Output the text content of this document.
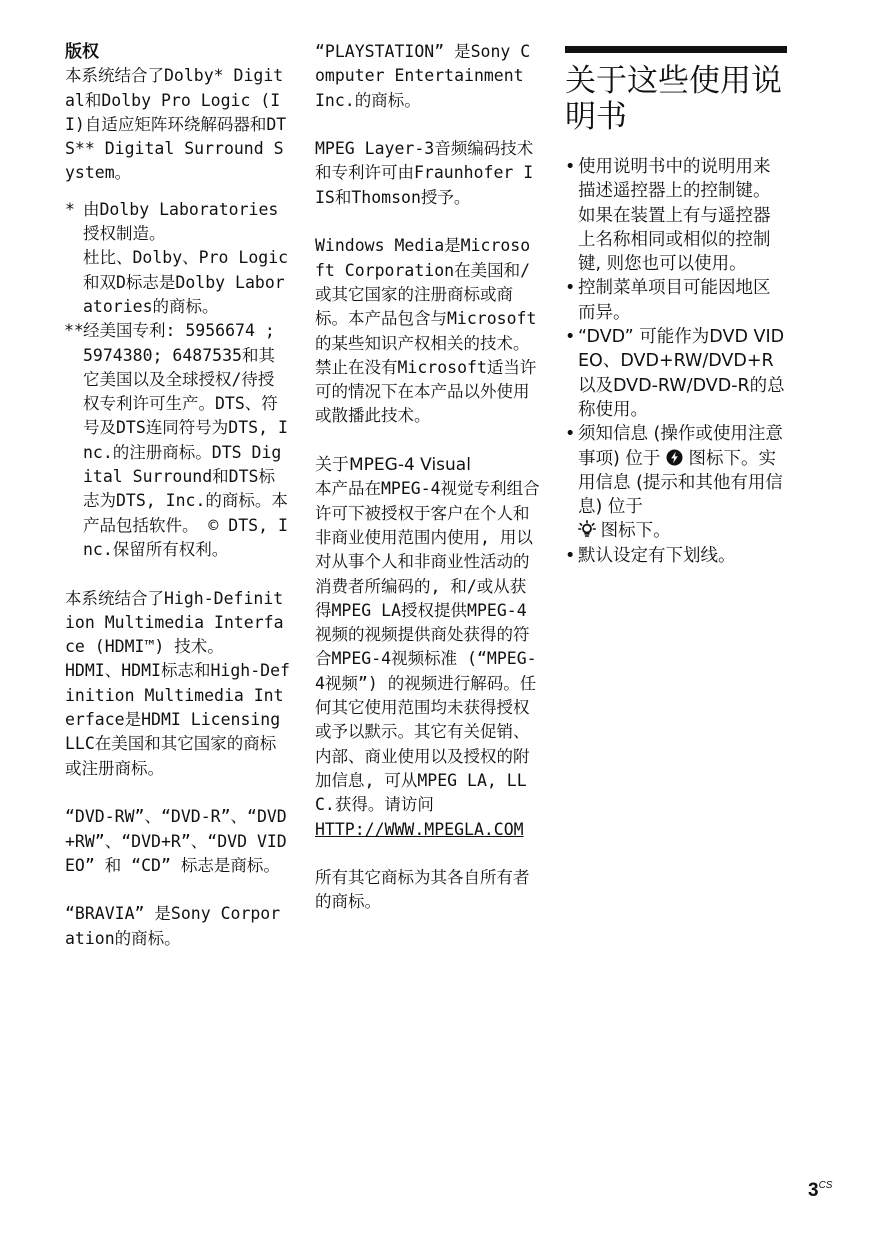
版权

本系统结合了Dolby* Digital和Dolby Pro Logic (II)自适应矩阵环绕解码器和DTS** Digital Surround System。

* 由Dolby Laboratories授权制造。

杜比、Dolby、Pro Logic和双D标志是Dolby Laboratories的商标。

** 经美国专利: 5956674 ; 5974380; 6487535和其它美国以及全球授权/待授权专利许可生产。DTS、符号及DTS连同符号为DTS, Inc.的注册商标。DTS Digital Surround和DTS标志为DTS, Inc.的商标。本产品包括软件。 © DTS, Inc.保留所有权利。

本系统结合了High-Definition Multimedia Interface (HDMI™) 技术。

HDMI、HDMI标志和High-Definition Multimedia Interface是HDMI Licensing LLC在美国和其它国家的商标或注册商标。

“DVD-RW”、“DVD-R”、“DVD+RW”、“DVD+R”、“DVD VIDEO” 和 “CD” 标志是商标。

“BRAVIA” 是Sony Corporation的商标。

“PLAYSTATION” 是Sony Computer Entertainment Inc.的商标。

MPEG Layer-3音频编码技术和专利许可由Fraunhofer IIS和Thomson授予。

Windows Media是Microsoft Corporation在美国和/或其它国家的注册商标或商标。本产品包含与Microsoft的某些知识产权相关的技术。禁止在没有Microsoft适当许可的情况下在本产品以外使用或散播此技术。

关于MPEG-4 Visual

本产品在MPEG-4视觉专利组合许可下被授权于客户在个人和非商业使用范围内使用, 用以对从事个人和非商业性活动的消费者所编码的, 和/或从获得MPEG LA授权提供MPEG-4视频的视频提供商处获得的符合MPEG-4视频标准 (“MPEG-4视频”) 的视频进行解码。任何其它使用范围均未获得授权或予以默示。其它有关促销、内部、商业使用以及授权的附加信息, 可从MPEG LA, LLC.获得。请访问

HTTP://WWW.MPEGLA.COM

所有其它商标为其各自所有者的商标。

关于这些使用说明书
• 使用说明书中的说明用来描述遥控器上的控制键。如果在装置上有与遥控器上名称相同或相似的控制键, 则您也可以使用。
• 控制菜单项目可能因地区而异。
• “DVD” 可能作为DVD VIDEO、DVD+RW/DVD+R以及DVD-RW/DVD-R的总称使用。
• 须知信息 (操作或使用注意事项) 位于 图标下。实用信息 (提示和其他有用信息) 位于
图标下。
• 默认设定有下划线。
$3^{CS}$
